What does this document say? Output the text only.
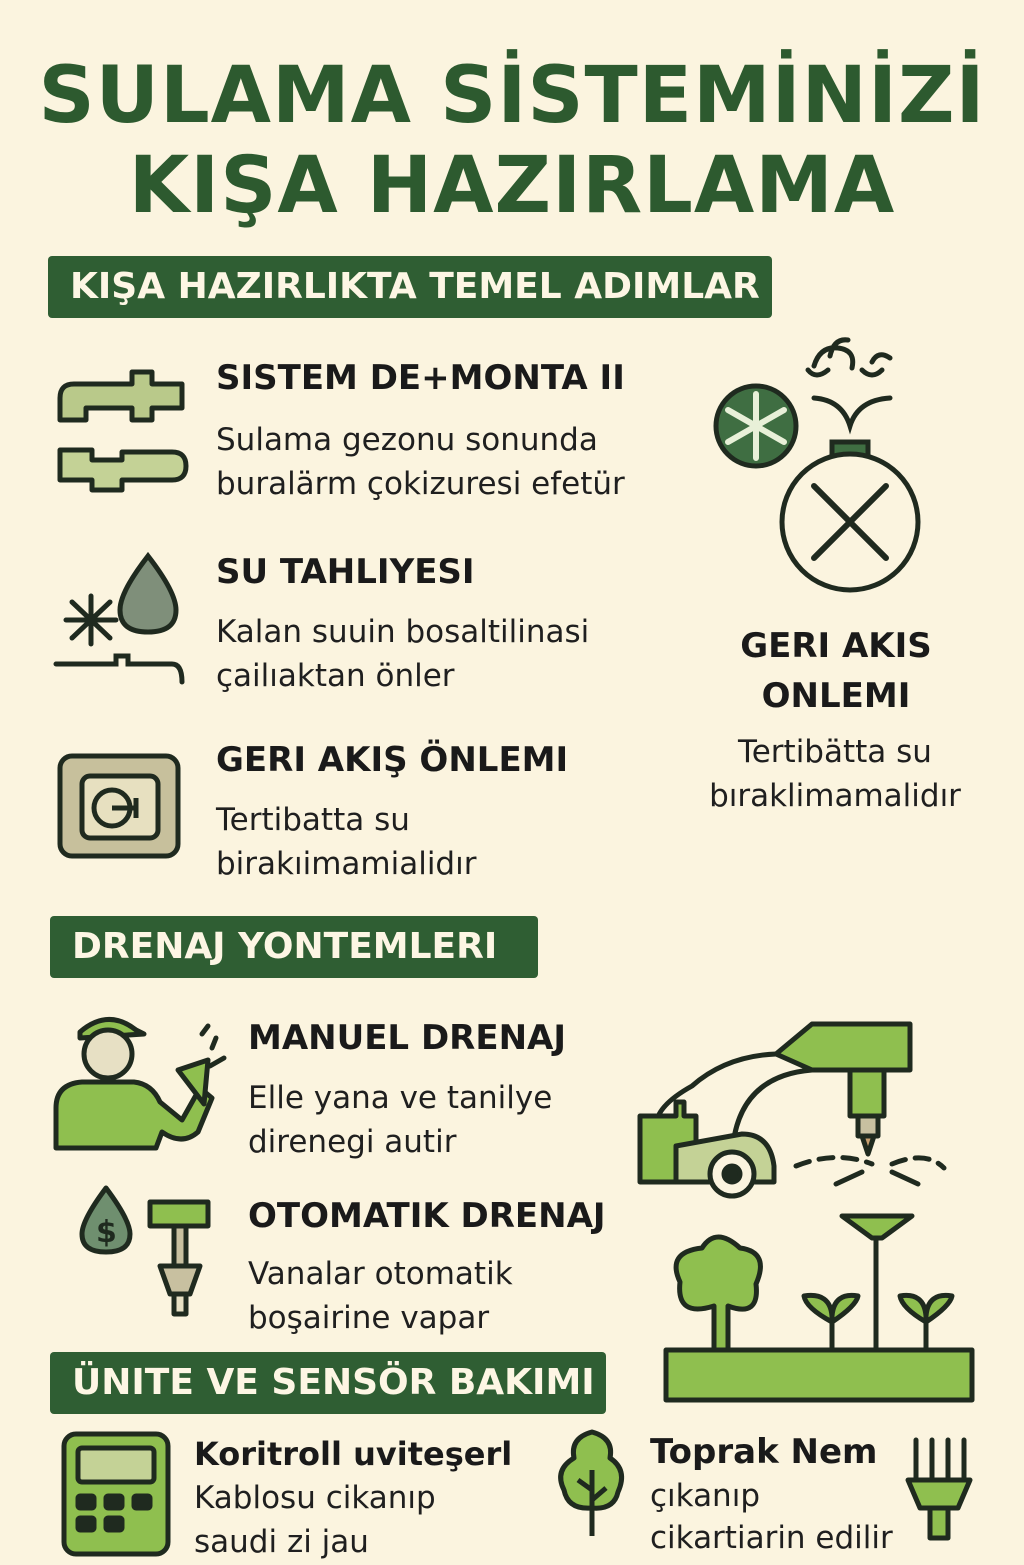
SULAMA SİSTEMİNİZİ
KIŞA HAZIRLAMA
KIŞA HAZIRLIKTA TEMEL ADIMLAR
SISTEM DE+MONTA II
Sulama gezonu sonunda
buralärm çokizuresi efetür
SU TAHLIYESI
Kalan suuin bosaltilinasi
çailıaktan önler
GERI AKIŞ ÖNLEMI
Tertibatta su
birakıimamialidır
GERI AKIS
ONLEMI
Tertibätta su
bıraklimamalidır
DRENAJ YONTEMLERI
MANUEL DRENAJ
Elle yana ve tanilye
direnegi autir
$	OTOMATIK DRENAJ
Vanalar otomatik
boşairine vapar
ÜNITE VE SENSÖR BAKIMI
Koritroll uviteşerl
Kablosu cikanıp
saudi zi jau
Toprak Nem
çıkanıp
cikartiarin edilir
